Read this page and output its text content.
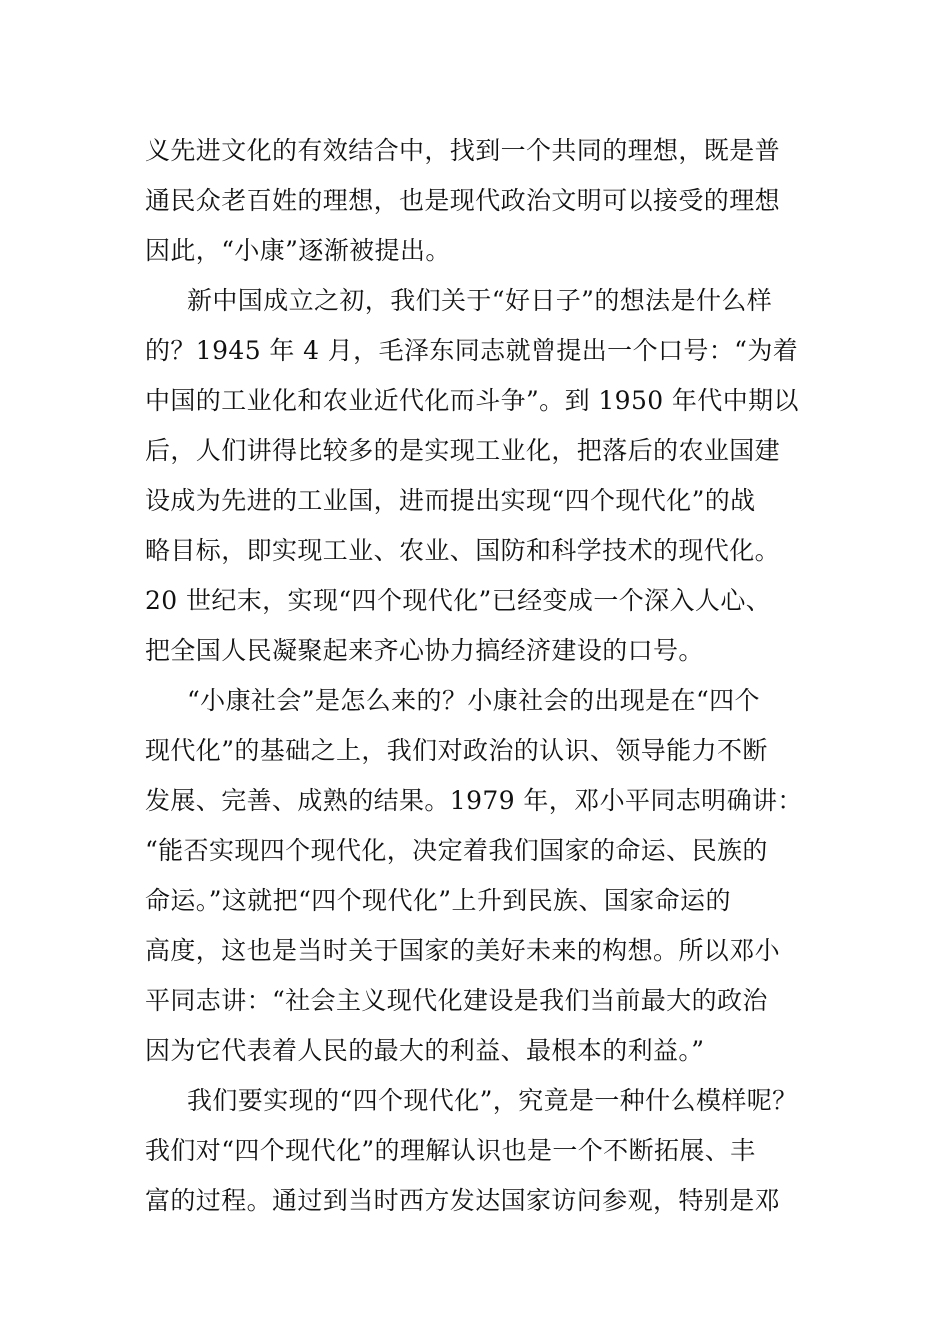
义先进文化的有效结合中，找到一个共同的理想，既是普
通民众老百姓的理想，也是现代政治文明可以接受的理想
因此，“小康”逐渐被提出。
新中国成立之初，我们关于“好日子”的想法是什么样
的？1945 年 4 月，毛泽东同志就曾提出一个口号：“为着
中国的工业化和农业近代化而斗争”。到 1950 年代中期以
后，人们讲得比较多的是实现工业化，把落后的农业国建
设成为先进的工业国，进而提出实现“四个现代化”的战
略目标，即实现工业、农业、国防和科学技术的现代化。
20 世纪末，实现“四个现代化”已经变成一个深入人心、
把全国人民凝聚起来齐心协力搞经济建设的口号。
“小康社会”是怎么来的？小康社会的出现是在“四个
现代化”的基础之上，我们对政治的认识、领导能力不断
发展、完善、成熟的结果。1979 年，邓小平同志明确讲：
“能否实现四个现代化，决定着我们国家的命运、民族的
命运。”这就把“四个现代化”上升到民族、国家命运的
高度，这也是当时关于国家的美好未来的构想。所以邓小
平同志讲：“社会主义现代化建设是我们当前最大的政治
因为它代表着人民的最大的利益、最根本的利益。”
我们要实现的“四个现代化”，究竟是一种什么模样呢？
我们对“四个现代化”的理解认识也是一个不断拓展、丰
富的过程。通过到当时西方发达国家访问参观，特别是邓
